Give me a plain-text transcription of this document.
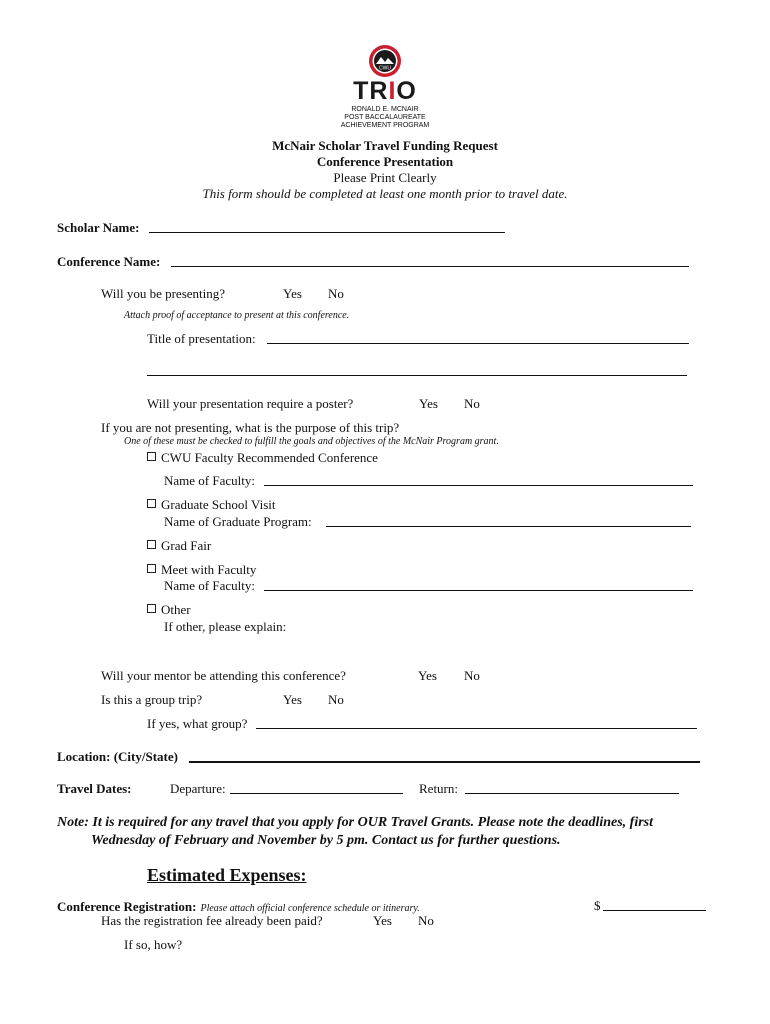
CWU
TRIO
RONALD E. MCNAIR
POST BACCALAUREATE
ACHIEVEMENT PROGRAM
McNair Scholar Travel Funding Request
Conference Presentation
Please Print Clearly
This form should be completed at least one month prior to travel date.
Scholar Name:
Conference Name:
Will you be presenting?	Yes No
Attach proof of acceptance to present at this conference.
Title of presentation:
Will your presentation require a poster?	Yes No
If you are not presenting, what is the purpose of this trip?
One of these must be checked to fulfill the goals and objectives of the McNair Program grant.
CWU Faculty Recommended Conference
Name of Faculty:
Graduate School Visit
Name of Graduate Program:
Grad Fair
Meet with Faculty
Name of Faculty:
Other
If other, please explain:
Will your mentor be attending this conference?	Yes No
Is this a group trip?	Yes No
If yes, what group?
Location: (City/State)
Travel Dates:	Departure:	Return:
Note: It is required for any travel that you apply for OUR Travel Grants. Please note the deadlines, first
Wednesday of February and November by 5 pm. Contact us for further questions.
Estimated Expenses:
Conference Registration: Please attach official conference schedule or itinerary.	$
Has the registration fee already been paid?	Yes No
If so, how?
